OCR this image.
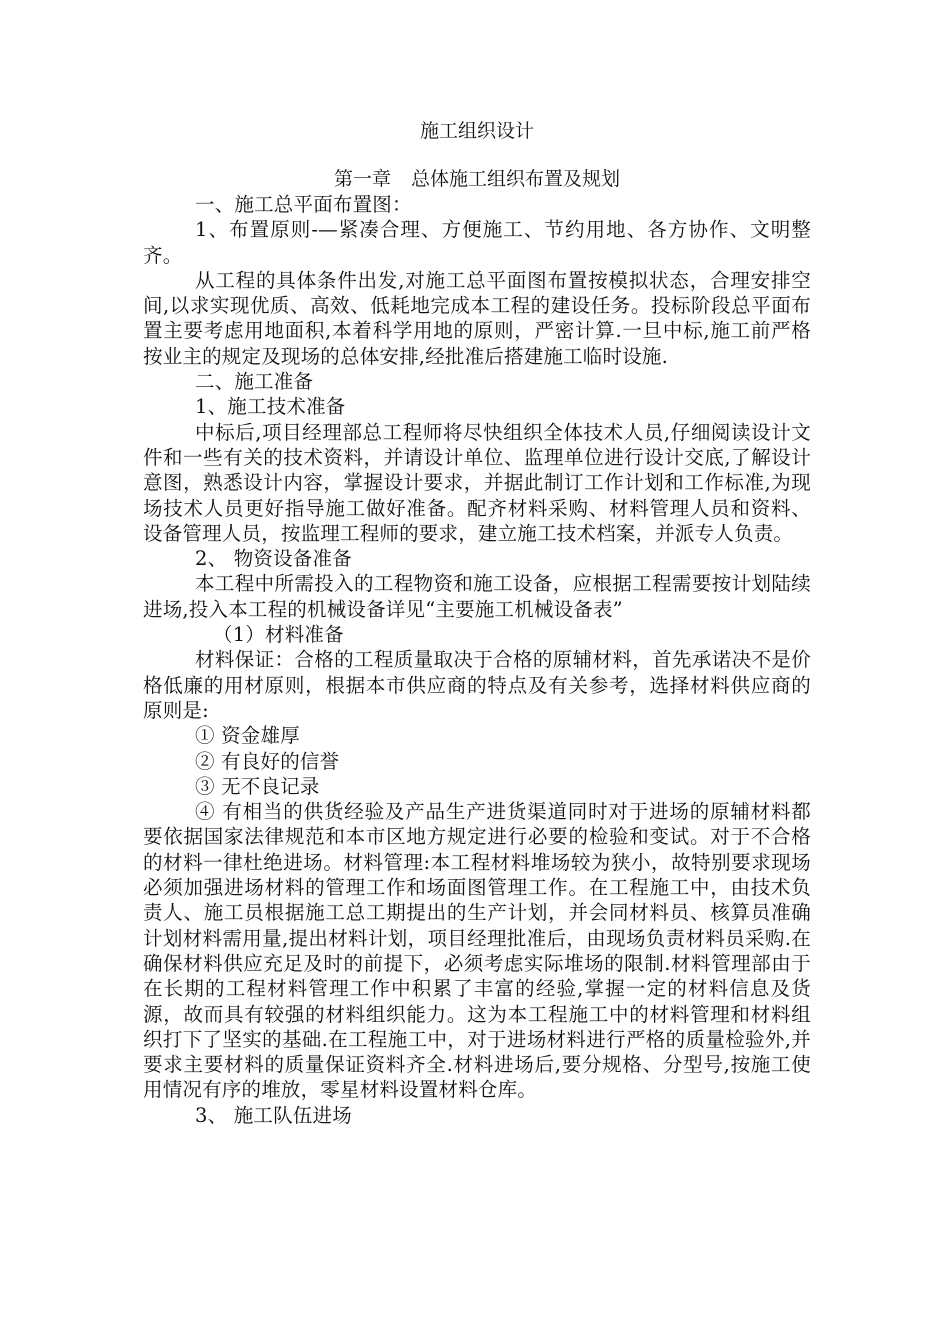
施工组织设计
第一章 总体施工组织布置及规划

一、施工总平面布置图：

1、布置原则-—紧凑合理、方便施工、节约用地、各方协作、文明整齐。

从工程的具体条件出发,对施工总平面图布置按模拟状态，合理安排空间,以求实现优质、高效、低耗地完成本工程的建设任务。投标阶段总平面布置主要考虑用地面积,本着科学用地的原则，严密计算.一旦中标,施工前严格按业主的规定及现场的总体安排,经批准后搭建施工临时设施.

二、施工准备

1、施工技术准备

中标后,项目经理部总工程师将尽快组织全体技术人员,仔细阅读设计文件和一些有关的技术资料，并请设计单位、监理单位进行设计交底,了解设计意图，熟悉设计内容，掌握设计要求，并据此制订工作计划和工作标准,为现场技术人员更好指导施工做好准备。配齐材料采购、材料管理人员和资料、设备管理人员，按监理工程师的要求，建立施工技术档案，并派专人负责。

2、 物资设备准备

本工程中所需投入的工程物资和施工设备，应根据工程需要按计划陆续进场,投入本工程的机械设备详见“主要施工机械设备表”

（1）材料准备

材料保证：合格的工程质量取决于合格的原辅材料，首先承诺决不是价格低廉的用材原则，根据本市供应商的特点及有关参考，选择材料供应商的原则是:

① 资金雄厚

② 有良好的信誉

③ 无不良记录

④ 有相当的供货经验及产品生产进货渠道同时对于进场的原辅材料都要依据国家法律规范和本市区地方规定进行必要的检验和变试。对于不合格的材料一律杜绝进场。材料管理:本工程材料堆场较为狭小，故特别要求现场必须加强进场材料的管理工作和场面图管理工作。在工程施工中，由技术负责人、施工员根据施工总工期提出的生产计划，并会同材料员、核算员准确计划材料需用量,提出材料计划，项目经理批准后，由现场负责材料员采购.在确保材料供应充足及时的前提下，必须考虑实际堆场的限制.材料管理部由于在长期的工程材料管理工作中积累了丰富的经验,掌握一定的材料信息及货源，故而具有较强的材料组织能力。这为本工程施工中的材料管理和材料组织打下了坚实的基础.在工程施工中，对于进场材料进行严格的质量检验外,并要求主要材料的质量保证资料齐全.材料进场后,要分规格、分型号,按施工使用情况有序的堆放，零星材料设置材料仓库。

3、 施工队伍进场
